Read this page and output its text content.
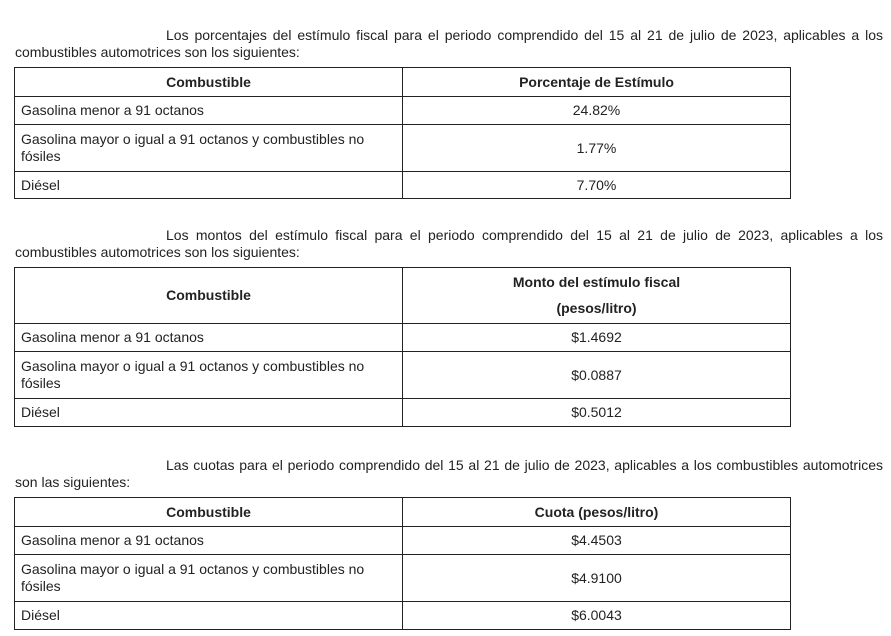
Los porcentajes del estímulo fiscal para el periodo comprendido del 15 al 21 de julio de 2023, aplicables a los combustibles automotrices son los siguientes:

Combustible	Porcentaje de Estímulo
Gasolina menor a 91 octanos	24.82%
Gasolina mayor o igual a 91 octanos y combustibles no fósiles	1.77%
Diésel	7.70%

Los montos del estímulo fiscal para el periodo comprendido del 15 al 21 de julio de 2023, aplicables a los combustibles automotrices son los siguientes:

Combustible	Monto del estímulo fiscal
(pesos/litro)

Gasolina menor a 91 octanos	$1.4692
Gasolina mayor o igual a 91 octanos y combustibles no fósiles	$0.0887
Diésel	$0.5012

Las cuotas para el periodo comprendido del 15 al 21 de julio de 2023, aplicables a los combustibles automotrices son las siguientes:

Combustible	Cuota (pesos/litro)
Gasolina menor a 91 octanos	$4.4503
Gasolina mayor o igual a 91 octanos y combustibles no fósiles	$4.9100
Diésel	$6.0043
